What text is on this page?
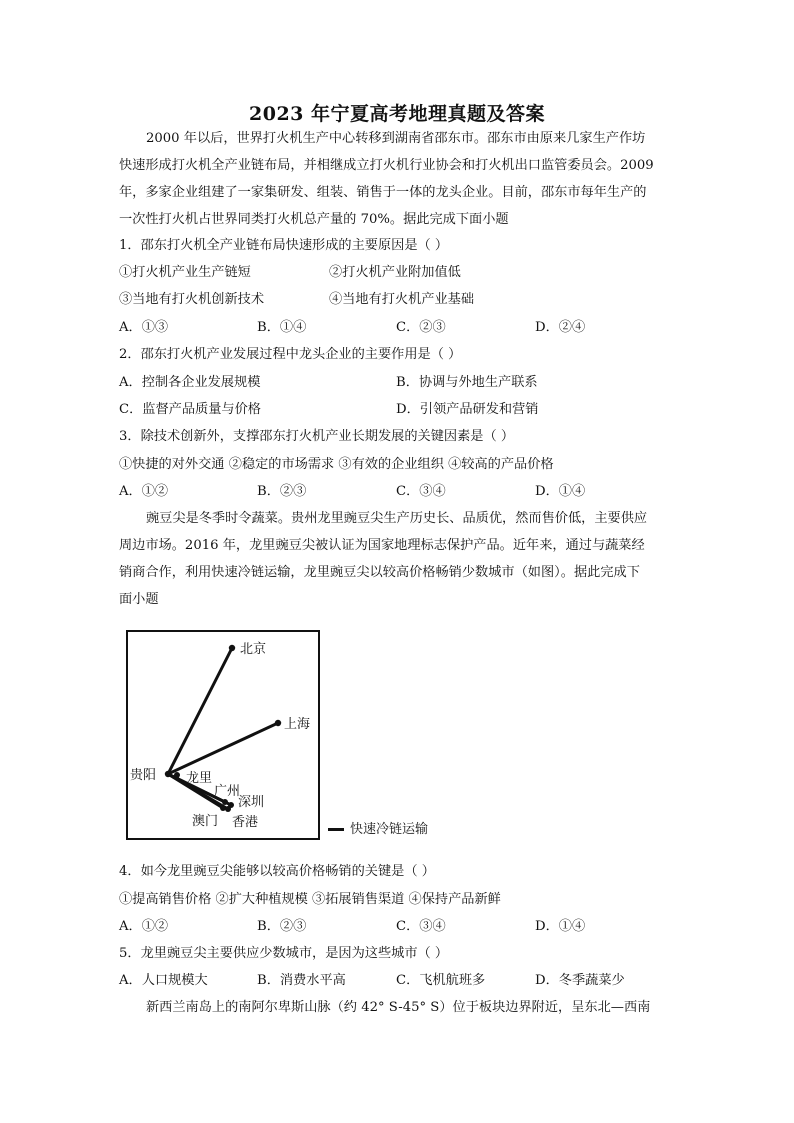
2023 年宁夏高考地理真题及答案
2000 年以后，世界打火机生产中心转移到湖南省邵东市。邵东市由原来几家生产作坊
快速形成打火机全产业链布局，并相继成立打火机行业协会和打火机出口监管委员会。2009
年，多家企业组建了一家集研发、组装、销售于一体的龙头企业。目前，邵东市每年生产的
一次性打火机占世界同类打火机总产量的 70%。据此完成下面小题
1．邵东打火机全产业链布局快速形成的主要原因是（ ）
①打火机产业生产链短	②打火机产业附加值低
③当地有打火机创新技术	④当地有打火机产业基础
A．①③	B．①④	C．②③	D．②④
2．邵东打火机产业发展过程中龙头企业的主要作用是（ ）
A．控制各企业发展规模	B．协调与外地生产联系
C．监督产品质量与价格	D．引领产品研发和营销
3．除技术创新外，支撑邵东打火机产业长期发展的关键因素是（ ）
①快捷的对外交通 ②稳定的市场需求 ③有效的企业组织 ④较高的产品价格
A．①②	B．②③	C．③④	D．①④
豌豆尖是冬季时令蔬菜。贵州龙里豌豆尖生产历史长、品质优，然而售价低，主要供应
周边市场。2016 年，龙里豌豆尖被认证为国家地理标志保护产品。近年来，通过与蔬菜经
销商合作，利用快速冷链运输，龙里豌豆尖以较高价格畅销少数城市（如图）。据此完成下
面小题
北京
上海
贵阳 龙里
广州
深圳
澳门 香港	快速冷链运输
4．如今龙里豌豆尖能够以较高价格畅销的关键是（ ）
①提高销售价格 ②扩大种植规模 ③拓展销售渠道 ④保持产品新鲜
A．①②	B．②③	C．③④	D．①④
5．龙里豌豆尖主要供应少数城市，是因为这些城市（ ）
A．人口规模大	B．消费水平高	C．飞机航班多	D．冬季蔬菜少
新西兰南岛上的南阿尔卑斯山脉（约 42° S-45° S）位于板块边界附近，呈东北—西南
